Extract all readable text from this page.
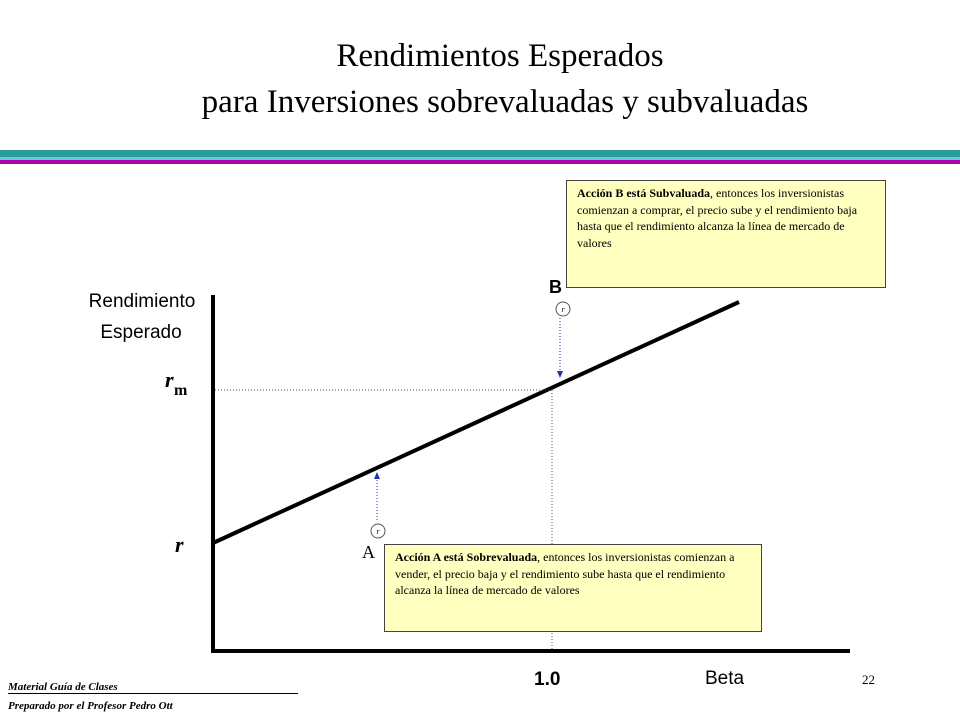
Rendimientos Esperados
para Inversiones sobrevaluadas y subvaluadas
r
r
Rendimiento
Esperado
r m
r
Beta
1.0
B
A
Acción B está Subvaluada, entonces los inversionistas comienzan a comprar, el precio sube y el rendimiento baja hasta que el rendimiento alcanza la línea de mercado de valores
Acción A está Sobrevaluada, entonces los inversionistas comienzan a vender, el precio baja y el rendimiento sube hasta que el rendimiento alcanza la línea de mercado de valores
Material Guía de Clases
Preparado por el Profesor Pedro Ott
22
